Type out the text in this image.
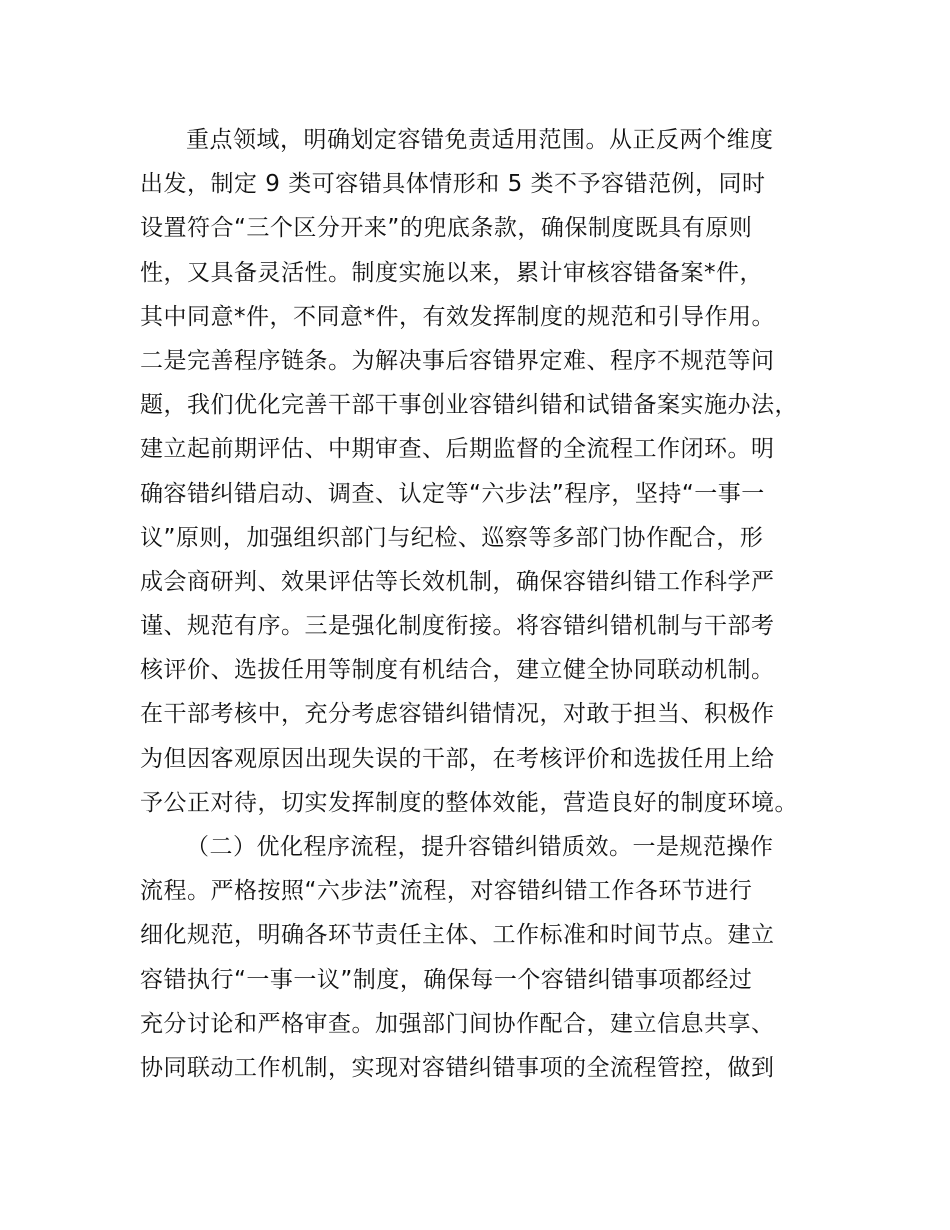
重点领域，明确划定容错免责适用范围。从正反两个维度
出发，制定 9 类可容错具体情形和 5 类不予容错范例，同时
设置符合“三个区分开来”的兜底条款，确保制度既具有原则
性，又具备灵活性。制度实施以来，累计审核容错备案*件，
其中同意*件，不同意*件，有效发挥制度的规范和引导作用。
二是完善程序链条。为解决事后容错界定难、程序不规范等问
题，我们优化完善干部干事创业容错纠错和试错备案实施办法，
建立起前期评估、中期审查、后期监督的全流程工作闭环。明
确容错纠错启动、调查、认定等“六步法”程序，坚持“一事一
议”原则，加强组织部门与纪检、巡察等多部门协作配合，形
成会商研判、效果评估等长效机制，确保容错纠错工作科学严
谨、规范有序。三是强化制度衔接。将容错纠错机制与干部考
核评价、选拔任用等制度有机结合，建立健全协同联动机制。
在干部考核中，充分考虑容错纠错情况，对敢于担当、积极作
为但因客观原因出现失误的干部，在考核评价和选拔任用上给
予公正对待，切实发挥制度的整体效能，营造良好的制度环境。
（二）优化程序流程，提升容错纠错质效。一是规范操作
流程。严格按照“六步法”流程，对容错纠错工作各环节进行
细化规范，明确各环节责任主体、工作标准和时间节点。建立
容错执行“一事一议”制度，确保每一个容错纠错事项都经过
充分讨论和严格审查。加强部门间协作配合，建立信息共享、
协同联动工作机制，实现对容错纠错事项的全流程管控，做到
